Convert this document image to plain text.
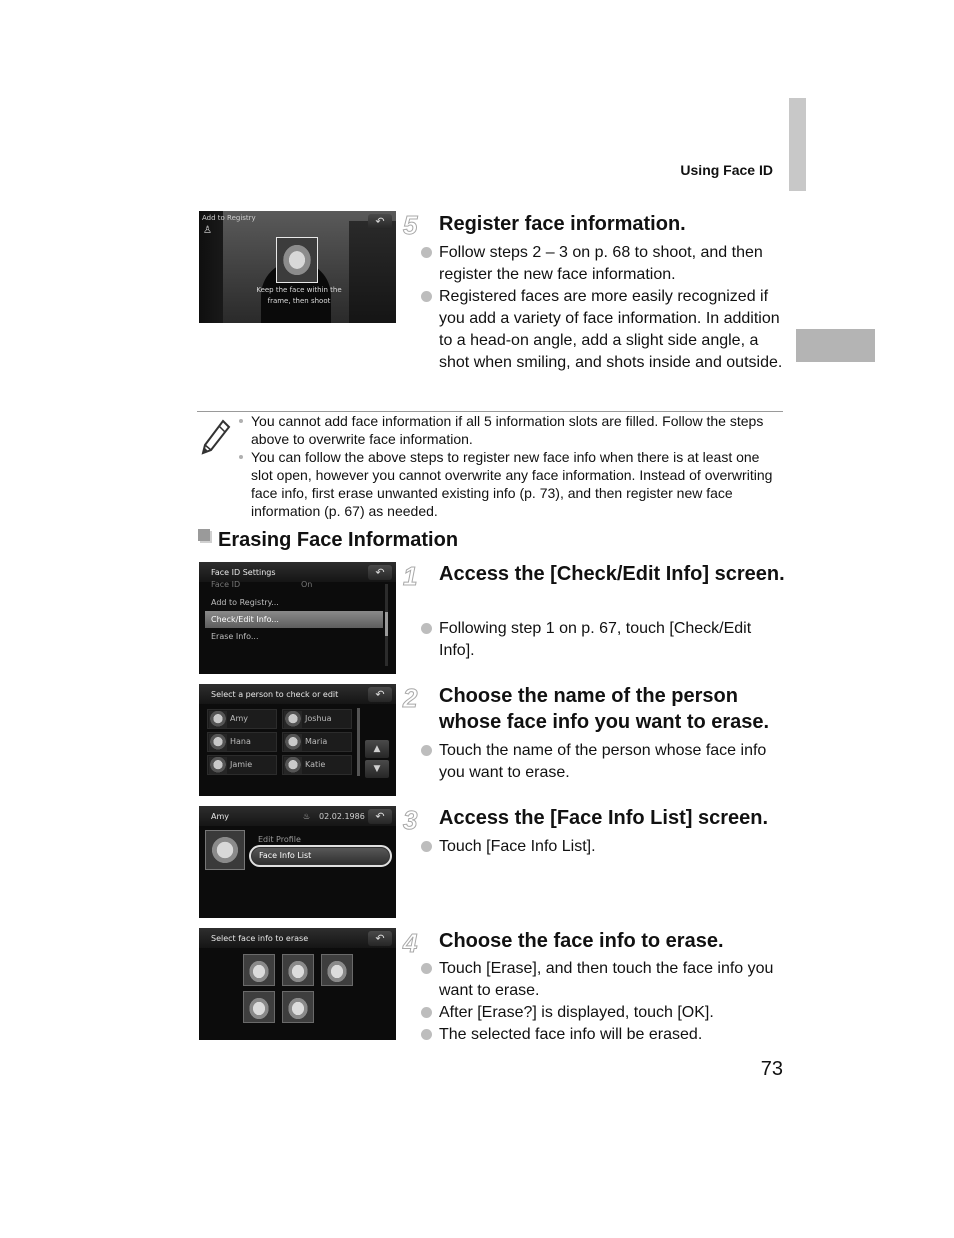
Using Face ID
Add to Registry
♙
↶
Keep the face within the
frame, then shoot
5 Register face information.
Follow steps 2 – 3 on p. 68 to shoot, and then register the new face information.
Registered faces are more easily recognized if you add a variety of face information. In addition to a head-on angle, add a slight side angle, a shot when smiling, and shots inside and outside.
You cannot add face information if all 5 information slots are filled. Follow the steps above to overwrite face information.
You can follow the above steps to register new face info when there is at least one slot open, however you cannot overwrite any face information. Instead of overwriting face info, first erase unwanted existing info (p. 73), and then register new face information (p. 67) as needed.
Erasing Face Information
Face ID Settings	↶
Face ID	On
Add to Registry...
Check/Edit Info...
Erase Info...
1 Access the [Check/Edit Info] screen.
Following step 1 on p. 67, touch [Check/Edit Info].
Select a person to check or edit	↶
Amy	Joshua
Hana	Maria
Jamie	Katie
▲
▼
2 Choose the name of the person whose face info you want to erase.
Touch the name of the person whose face info you want to erase.
Amy	♨ 02.02.1986 ↶
Edit Profile
Face Info List
3 Access the [Face Info List] screen.
Touch [Face Info List].
Select face info to erase	↶ 4 Choose the face info to erase.
Touch [Erase], and then touch the face info you want to erase.
After [Erase?] is displayed, touch [OK].
The selected face info will be erased.
73
